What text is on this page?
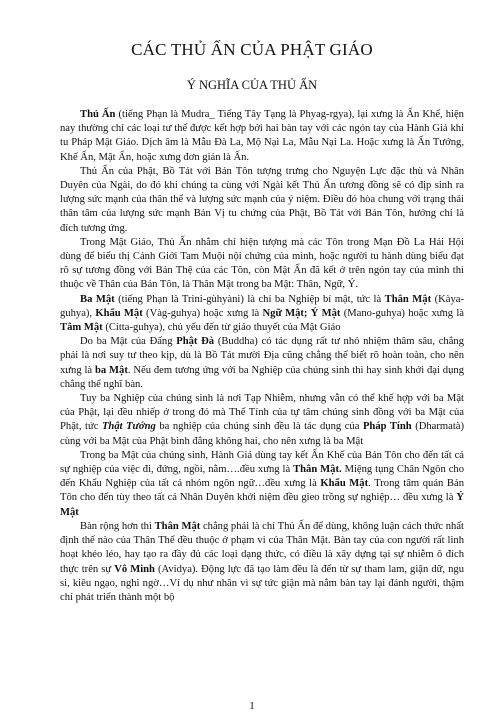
CÁC THỦ ẤN CỦA PHẬT GIÁO
Ý NGHĨA CỦA THỦ ẤN

Thủ Ấn (tiếng Phạn là Mudra_ Tiếng Tây Tạng là Phyag-rgya), lại xưng là Ấn Khế, hiện nay thường chỉ các loại tư thế được kết hợp bởi hai bàn tay với các ngón tay của Hành Giả khi tu Pháp Mật Giáo. Dịch âm là Mẫu Đà La, Mộ Nại La, Mẫu Nại La. Hoặc xưng là Ấn Tướng, Khế Ấn, Mật Ấn, hoặc xưng đơn giản là Ấn.

Thủ Ấn của Phật, Bồ Tát với Bản Tôn tượng trưng cho Nguyện Lực đặc thù và Nhân Duyên của Ngài, do đó khi chúng ta cùng với Ngài kết Thủ Ấn tương đồng sẽ có địp sinh ra lượng sức mạnh của thân thể và lượng sức mạnh của ý niệm. Điều đó hòa chung với trạng thái thân tâm của lượng sức mạnh Bản Vị tu chứng của Phật, Bồ Tát với Bản Tôn, hướng chỉ là đích tương ứng.

Trong Mật Giáo, Thủ Ấn nhằm chỉ hiện tượng mà các Tôn trong Mạn Đồ La Hải Hội dùng để biểu thị Cảnh Giới Tam Muội nội chứng của mình, hoặc người tu hành dùng biểu đạt rõ sự tương đồng với Bản Thệ của các Tôn, còn Mật Ấn đã kết ở trên ngón tay của mình thì thuộc về Thân của Bản Tôn, là Thân Mật trong ba Mật: Thân, Ngữ, Ý.

Ba Mật (tiếng Phạn là Trini-gùhyàni) là chỉ ba Nghiệp bí mật, tức là Thân Mật (Kàya-guhya), Khẩu Mật (Vàg-guhya) hoặc xưng là Ngữ Mật; Ý Mật (Mano-guhya) hoặc xưng là Tâm Mật (Citta-guhya), chủ yếu đến từ giáo thuyết của Mật Giáo

Do ba Mật của Đấng Phật Đà (Buddha) có tác dụng rất tư nhỏ nhiệm thâm sâu, chẳng phải là nơi suy tư theo kịp, dù là Bồ Tát mười Địa cũng chẳng thể biết rõ hoàn toàn, cho nên xưng là ba Mật. Nếu đem tương ứng với ba Nghiệp của chúng sinh thì hay sinh khởi đại dụng chẳng thể nghĩ bàn.

Tuy ba Nghiệp của chúng sinh là nơi Tạp Nhiễm, nhưng vẫn có thể khế hợp với ba Mật của Phật, lại đều nhiếp ở trong đó mà Thể Tính của tự tâm chúng sinh đồng với ba Mật của Phật, tức Thật Tướng ba nghiệp của chúng sinh đều là tác dụng của Pháp Tính (Dharmatà) cùng với ba Mật của Phật bình đẳng không hai, cho nên xưng là ba Mật

Trong ba Mật của chúng sinh, Hành Giả dùng tay kết Ấn Khế của Bản Tôn cho đến tất cả sự nghiệp của việc đi, đứng, ngồi, nằm….đều xưng là Thân Mật. Miệng tụng Chân Ngôn cho đến Khẩu Nghiệp của tất cả nhóm ngôn ngữ…đều xưng là Khẩu Mật. Trong tâm quán Bản Tôn cho đến tùy theo tất cả Nhân Duyên khởi niệm đều gieo trồng sự nghiệp… đều xưng là Ý Mật

Bàn rộng hơn thì Thân Mật chẳng phải là chỉ Thủ Ấn để dùng, không luận cách thức nhất định thế nào của Thân Thể đều thuộc ở phạm vi của Thân Mật. Bàn tay của con người rất linh hoạt khéo léo, hay tạo ra đầy đủ các loại dạng thức, có điều là xây dựng tại sự nhiễm ô đích thực trên sự Vô Minh (Avidya). Động lực đã tạo làm đều là đến từ sự tham lam, giận dữ, ngu si, kiêu ngạo, nghi ngờ…Ví dụ như nhân vì sự tức giận mà nắm bàn tay lại đánh người, thậm chí phát triển thành một bộ

1
